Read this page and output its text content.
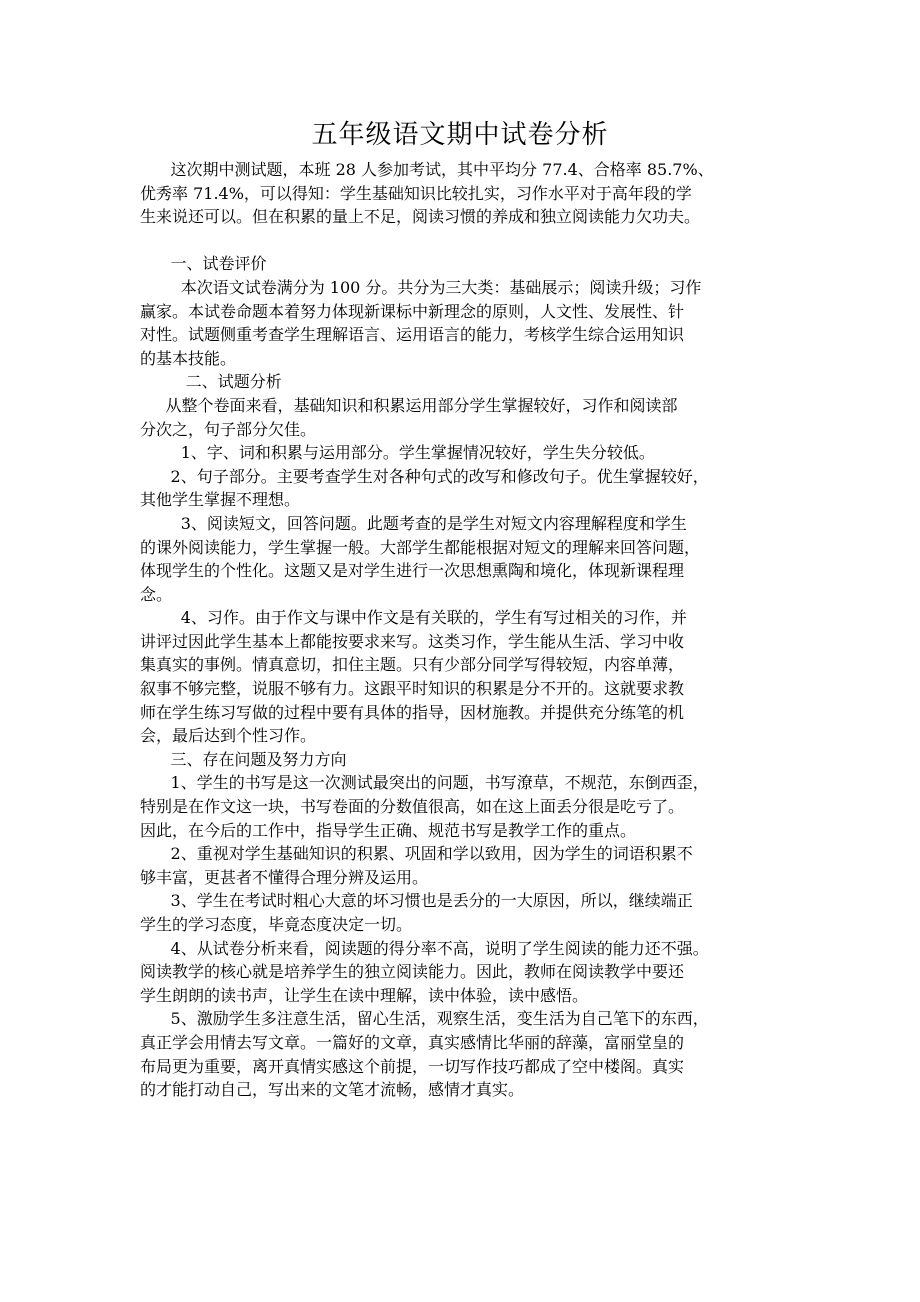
五年级语文期中试卷分析

这次期中测试题，本班 28 人参加考试，其中平均分 77.4、合格率 85.7%、

优秀率 71.4%，可以得知：学生基础知识比较扎实，习作水平对于高年段的学

生来说还可以。但在积累的量上不足，阅读习惯的养成和独立阅读能力欠功夫。

一、试卷评价

本次语文试卷满分为 100 分。共分为三大类：基础展示；阅读升级；习作

赢家。本试卷命题本着努力体现新课标中新理念的原则，人文性、发展性、针

对性。试题侧重考查学生理解语言、运用语言的能力，考核学生综合运用知识

的基本技能。

二、试题分析

从整个卷面来看，基础知识和积累运用部分学生掌握较好，习作和阅读部

分次之，句子部分欠佳。

1、字、词和积累与运用部分。学生掌握情况较好，学生失分较低。

2、句子部分。主要考查学生对各种句式的改写和修改句子。优生掌握较好，

其他学生掌握不理想。

3、阅读短文，回答问题。此题考查的是学生对短文内容理解程度和学生

的课外阅读能力，学生掌握一般。大部学生都能根据对短文的理解来回答问题，

体现学生的个性化。这题又是对学生进行一次思想熏陶和境化，体现新课程理

念。

4、习作。由于作文与课中作文是有关联的，学生有写过相关的习作，并

讲评过因此学生基本上都能按要求来写。这类习作，学生能从生活、学习中收

集真实的事例。情真意切，扣住主题。只有少部分同学写得较短，内容单薄，

叙事不够完整，说服不够有力。这跟平时知识的积累是分不开的。这就要求教

师在学生练习写做的过程中要有具体的指导，因材施教。并提供充分练笔的机

会，最后达到个性习作。

三、存在问题及努力方向

1、学生的书写是这一次测试最突出的问题，书写潦草，不规范，东倒西歪，

特别是在作文这一块，书写卷面的分数值很高，如在这上面丢分很是吃亏了。

因此，在今后的工作中，指导学生正确、规范书写是教学工作的重点。

2、重视对学生基础知识的积累、巩固和学以致用，因为学生的词语积累不

够丰富，更甚者不懂得合理分辨及运用。

3、学生在考试时粗心大意的坏习惯也是丢分的一大原因，所以，继续端正

学生的学习态度，毕竟态度决定一切。

4、从试卷分析来看，阅读题的得分率不高，说明了学生阅读的能力还不强。

阅读教学的核心就是培养学生的独立阅读能力。因此，教师在阅读教学中要还

学生朗朗的读书声，让学生在读中理解，读中体验，读中感悟。

5、激励学生多注意生活，留心生活，观察生活，变生活为自己笔下的东西，

真正学会用情去写文章。一篇好的文章，真实感情比华丽的辞藻，富丽堂皇的

布局更为重要，离开真情实感这个前提，一切写作技巧都成了空中楼阁。真实

的才能打动自己，写出来的文笔才流畅，感情才真实。
